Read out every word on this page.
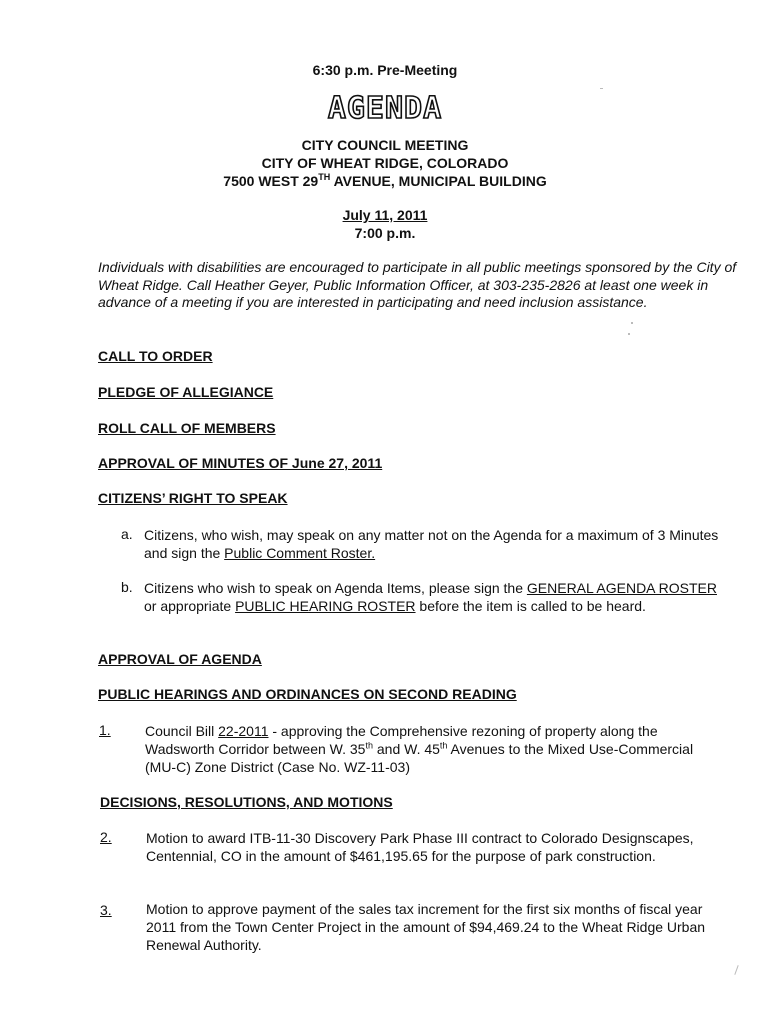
6:30 p.m. Pre-Meeting
AGENDA
CITY COUNCIL MEETING
CITY OF WHEAT RIDGE, COLORADO
7500 WEST 29TH AVENUE, MUNICIPAL BUILDING
July 11, 2011
7:00 p.m.
Individuals with disabilities are encouraged to participate in all public meetings sponsored by the City of Wheat Ridge. Call Heather Geyer, Public Information Officer, at 303-235-2826 at least one week in advance of a meeting if you are interested in participating and need inclusion assistance.
CALL TO ORDER
PLEDGE OF ALLEGIANCE
ROLL CALL OF MEMBERS
APPROVAL OF MINUTES OF June 27, 2011
CITIZENS’ RIGHT TO SPEAK
a. Citizens, who wish, may speak on any matter not on the Agenda for a maximum of 3 Minutes and sign the Public Comment Roster.
b. Citizens who wish to speak on Agenda Items, please sign the GENERAL AGENDA ROSTER or appropriate PUBLIC HEARING ROSTER before the item is called to be heard.
APPROVAL OF AGENDA
PUBLIC HEARINGS AND ORDINANCES ON SECOND READING
1. Council Bill 22-2011 - approving the Comprehensive rezoning of property along the Wadsworth Corridor between W. 35th and W. 45th Avenues to the Mixed Use-Commercial (MU-C) Zone District (Case No. WZ-11-03)
DECISIONS, RESOLUTIONS, AND MOTIONS
2. Motion to award ITB-11-30 Discovery Park Phase III contract to Colorado Designscapes, Centennial, CO in the amount of $461,195.65 for the purpose of park construction.
3. Motion to approve payment of the sales tax increment for the first six months of fiscal year 2011 from the Town Center Project in the amount of $94,469.24 to the Wheat Ridge Urban Renewal Authority.
